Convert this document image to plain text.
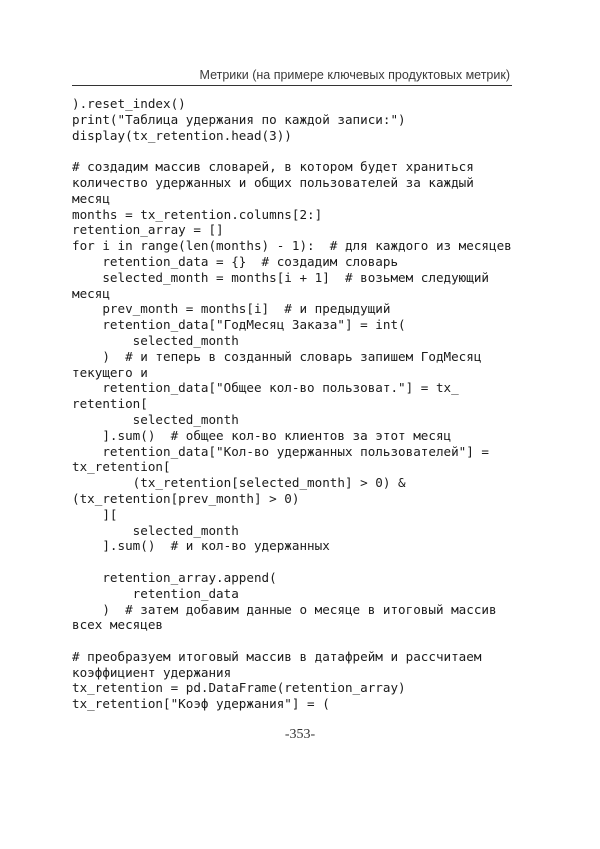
Метрики (на примере ключевых продуктовых метрик)
).reset_index()
print("Таблица удержания по каждой записи:")
display(tx_retention.head(3))
# создадим массив словарей, в котором будет храниться
количество удержанных и общих пользователей за каждый
месяц
months = tx_retention.columns[2:]
retention_array = []
for i in range(len(months) - 1):  # для каждого из месяцев
retention_data = {}  # создадим словарь
selected_month = months[i + 1]  # возьмем следующий
месяц
prev_month = months[i]  # и предыдущий
retention_data["ГодМесяц Заказа"] = int(
selected_month
)  # и теперь в созданный словарь запишем ГодМесяц
текущего и
retention_data["Общее кол-во пользоват."] = tx_
retention[
selected_month
].sum()  # общее кол-во клиентов за этот месяц
retention_data["Кол-во удержанных пользователей"] =
tx_retention[
(tx_retention[selected_month] > 0) &
(tx_retention[prev_month] > 0)
][
selected_month
].sum()  # и кол-во удержанных
retention_array.append(
retention_data
)  # затем добавим данные о месяце в итоговый массив
всех месяцев
# преобразуем итоговый массив в датафрейм и рассчитаем
коэффициент удержания
tx_retention = pd.DataFrame(retention_array)
tx_retention["Коэф удержания"] = (
-353-
